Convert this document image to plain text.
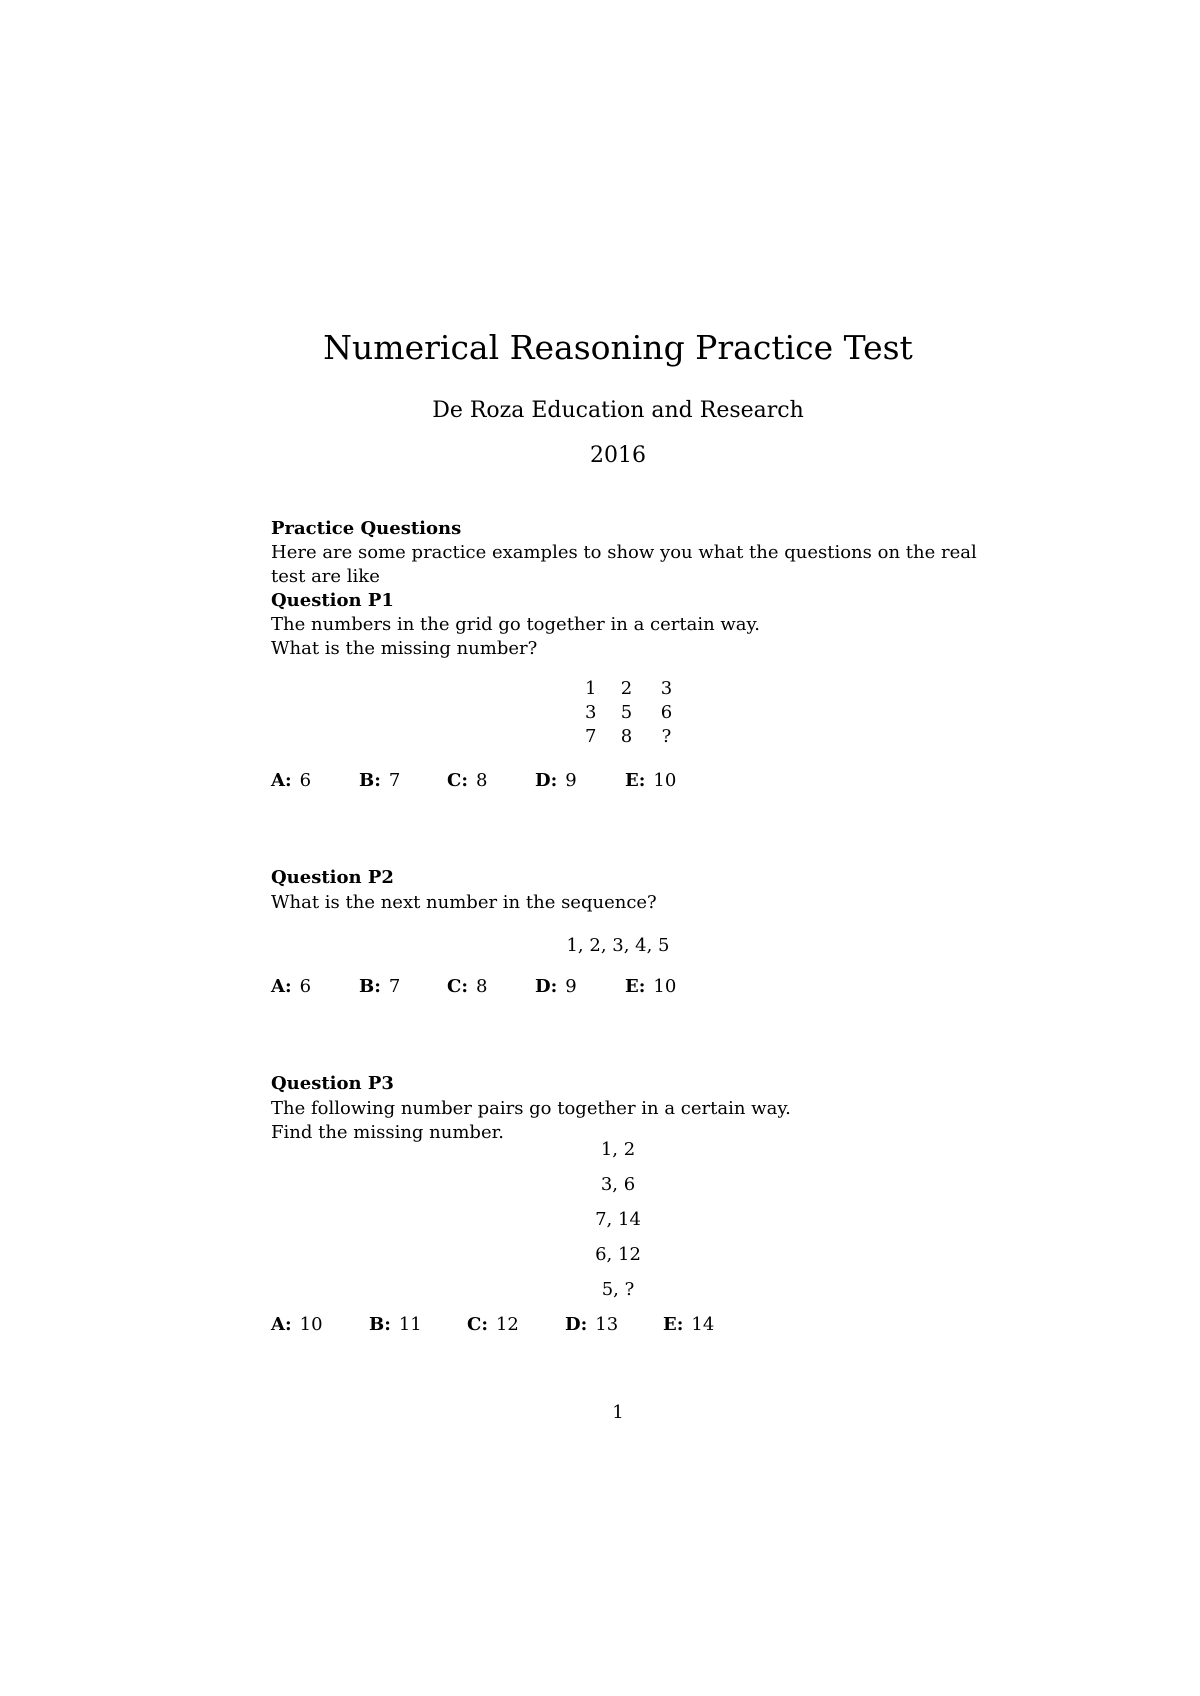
Numerical Reasoning Practice Test
De Roza Education and Research
2016
Practice Questions
Here are some practice examples to show you what the questions on the real
test are like
Question P1
The numbers in the grid go together in a certain way.
What is the missing number?
1	2	3
3	5	6
7	8	?
A: 6	B: 7	C: 8	D: 9	E: 10
Question P2
What is the next number in the sequence?
1, 2, 3, 4, 5
A: 6	B: 7	C: 8	D: 9	E: 10
Question P3
The following number pairs go together in a certain way.
Find the missing number.
1, 2
3, 6
7, 14
6, 12
5, ?
A: 10	B: 11	C: 12	D: 13 E: 14
1
